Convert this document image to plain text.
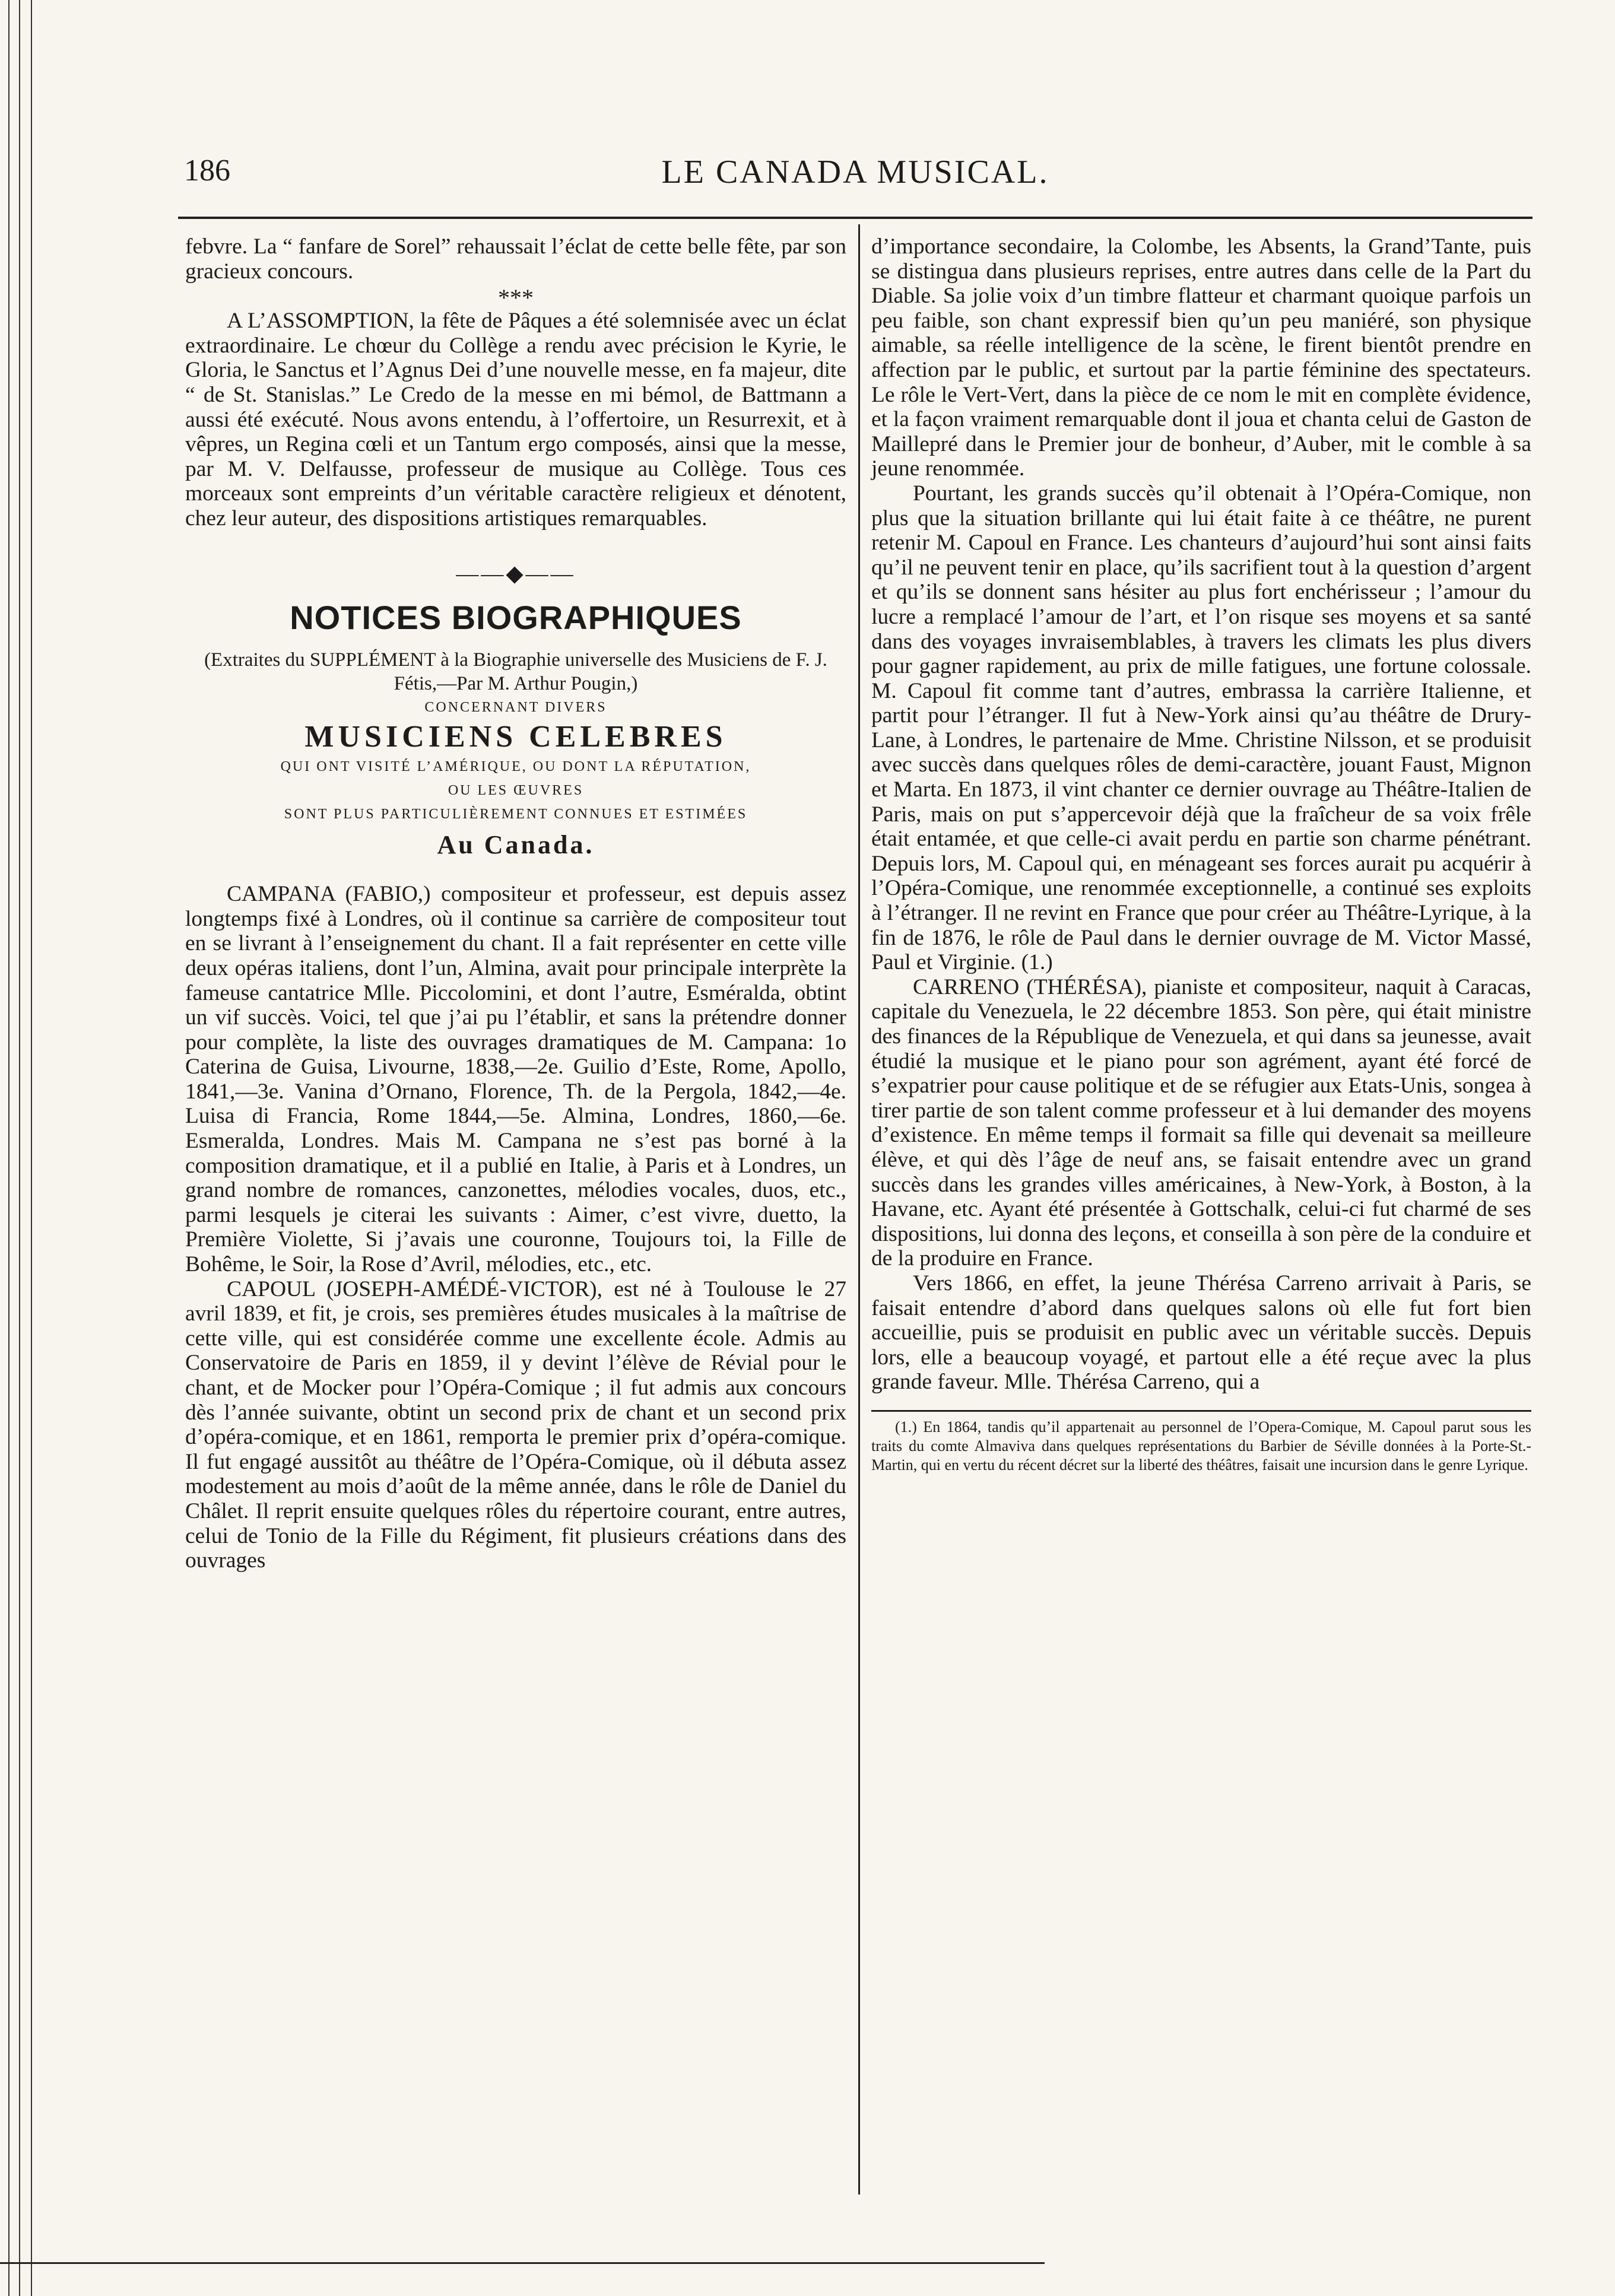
186	LE CANADA MUSICAL.

febvre. La “ fanfare de Sorel” rehaussait l’éclat de cette belle fête, par son gracieux concours.

***

A L’ASSOMPTION, la fête de Pâques a été solemnisée avec un éclat extraordinaire. Le chœur du Collège a rendu avec précision le Kyrie, le Gloria, le Sanctus et l’Agnus Dei d’une nouvelle messe, en fa majeur, dite “ de St. Stanislas.” Le Credo de la messe en mi bémol, de Battmann a aussi été exécuté. Nous avons entendu, à l’offertoire, un Resurrexit, et à vêpres, un Regina cœli et un Tantum ergo composés, ainsi que la messe, par M. V. Delfausse, professeur de musique au Collège. Tous ces morceaux sont empreints d’un véritable caractère religieux et dénotent, chez leur auteur, des dispositions artistiques remarquables.

——◆——
NOTICES BIOGRAPHIQUES
(Extraites du SUPPLÉMENT à la Biographie universelle des Musiciens de F. J. Fétis,—Par M. Arthur Pougin,)
CONCERNANT DIVERS
MUSICIENS CELEBRES
QUI ONT VISITÉ L’AMÉRIQUE, OU DONT LA RÉPUTATION,
OU LES ŒUVRES
SONT PLUS PARTICULIÈREMENT CONNUES ET ESTIMÉES
Au Canada.

CAMPANA (FABIO,) compositeur et professeur, est depuis assez longtemps fixé à Londres, où il continue sa carrière de compositeur tout en se livrant à l’enseignement du chant. Il a fait représenter en cette ville deux opéras italiens, dont l’un, Almina, avait pour principale interprète la fameuse cantatrice Mlle. Piccolomini, et dont l’autre, Esméralda, obtint un vif succès. Voici, tel que j’ai pu l’établir, et sans la prétendre donner pour complète, la liste des ouvrages dramatiques de M. Campana: 1o Caterina de Guisa, Livourne, 1838,—2e. Guilio d’Este, Rome, Apollo, 1841,—3e. Vanina d’Ornano, Florence, Th. de la Pergola, 1842,—4e. Luisa di Francia, Rome 1844,—5e. Almina, Londres, 1860,—6e. Esmeralda, Londres. Mais M. Campana ne s’est pas borné à la composition dramatique, et il a publié en Italie, à Paris et à Londres, un grand nombre de romances, canzonettes, mélodies vocales, duos, etc., parmi lesquels je citerai les suivants : Aimer, c’est vivre, duetto, la Première Violette, Si j’avais une couronne, Toujours toi, la Fille de Bohême, le Soir, la Rose d’Avril, mélodies, etc., etc.

CAPOUL (JOSEPH-AMÉDÉ-VICTOR), est né à Toulouse le 27 avril 1839, et fit, je crois, ses premières études musicales à la maîtrise de cette ville, qui est considérée comme une excellente école. Admis au Conservatoire de Paris en 1859, il y devint l’élève de Révial pour le chant, et de Mocker pour l’Opéra-Comique ; il fut admis aux concours dès l’année suivante, obtint un second prix de chant et un second prix d’opéra-comique, et en 1861, remporta le premier prix d’opéra-comique. Il fut engagé aussitôt au théâtre de l’Opéra-Comique, où il débuta assez modestement au mois d’août de la même année, dans le rôle de Daniel du Châlet. Il reprit ensuite quelques rôles du répertoire courant, entre autres, celui de Tonio de la Fille du Régiment, fit plusieurs créations dans des ouvrages

d’importance secondaire, la Colombe, les Absents, la Grand’Tante, puis se distingua dans plusieurs reprises, entre autres dans celle de la Part du Diable. Sa jolie voix d’un timbre flatteur et charmant quoique parfois un peu faible, son chant expressif bien qu’un peu maniéré, son physique aimable, sa réelle intelligence de la scène, le firent bientôt prendre en affection par le public, et surtout par la partie féminine des spectateurs. Le rôle le Vert-Vert, dans la pièce de ce nom le mit en complète évidence, et la façon vraiment remarquable dont il joua et chanta celui de Gaston de Maillepré dans le Premier jour de bonheur, d’Auber, mit le comble à sa jeune renommée.

Pourtant, les grands succès qu’il obtenait à l’Opéra-Comique, non plus que la situation brillante qui lui était faite à ce théâtre, ne purent retenir M. Capoul en France. Les chanteurs d’aujourd’hui sont ainsi faits qu’il ne peuvent tenir en place, qu’ils sacrifient tout à la question d’argent et qu’ils se donnent sans hésiter au plus fort enchérisseur ; l’amour du lucre a remplacé l’amour de l’art, et l’on risque ses moyens et sa santé dans des voyages invraisemblables, à travers les climats les plus divers pour gagner rapidement, au prix de mille fatigues, une fortune colossale. M. Capoul fit comme tant d’autres, embrassa la carrière Italienne, et partit pour l’étranger. Il fut à New-York ainsi qu’au théâtre de Drury-Lane, à Londres, le partenaire de Mme. Christine Nilsson, et se produisit avec succès dans quelques rôles de demi-caractère, jouant Faust, Mignon et Marta. En 1873, il vint chanter ce dernier ouvrage au Théâtre-Italien de Paris, mais on put s’appercevoir déjà que la fraîcheur de sa voix frêle était entamée, et que celle-ci avait perdu en partie son charme pénétrant. Depuis lors, M. Capoul qui, en ménageant ses forces aurait pu acquérir à l’Opéra-Comique, une renommée exceptionnelle, a continué ses exploits à l’étranger. Il ne revint en France que pour créer au Théâtre-Lyrique, à la fin de 1876, le rôle de Paul dans le dernier ouvrage de M. Victor Massé, Paul et Virginie. (1.)

CARRENO (THÉRÉSA), pianiste et compositeur, naquit à Caracas, capitale du Venezuela, le 22 décembre 1853. Son père, qui était ministre des finances de la République de Venezuela, et qui dans sa jeunesse, avait étudié la musique et le piano pour son agrément, ayant été forcé de s’expatrier pour cause politique et de se réfugier aux Etats-Unis, songea à tirer partie de son talent comme professeur et à lui demander des moyens d’existence. En même temps il formait sa fille qui devenait sa meilleure élève, et qui dès l’âge de neuf ans, se faisait entendre avec un grand succès dans les grandes villes américaines, à New-York, à Boston, à la Havane, etc. Ayant été présentée à Gottschalk, celui-ci fut charmé de ses dispositions, lui donna des leçons, et conseilla à son père de la conduire et de la produire en France.

Vers 1866, en effet, la jeune Thérésa Carreno arrivait à Paris, se faisait entendre d’abord dans quelques salons où elle fut fort bien accueillie, puis se produisit en public avec un véritable succès. Depuis lors, elle a beaucoup voyagé, et partout elle a été reçue avec la plus grande faveur. Mlle. Thérésa Carreno, qui a

(1.) En 1864, tandis qu’il appartenait au personnel de l’Opera-Comique, M. Capoul parut sous les traits du comte Almaviva dans quelques représentations du Barbier de Séville données à la Porte-St.-Martin, qui en vertu du récent décret sur la liberté des théâtres, faisait une incursion dans le genre Lyrique.
